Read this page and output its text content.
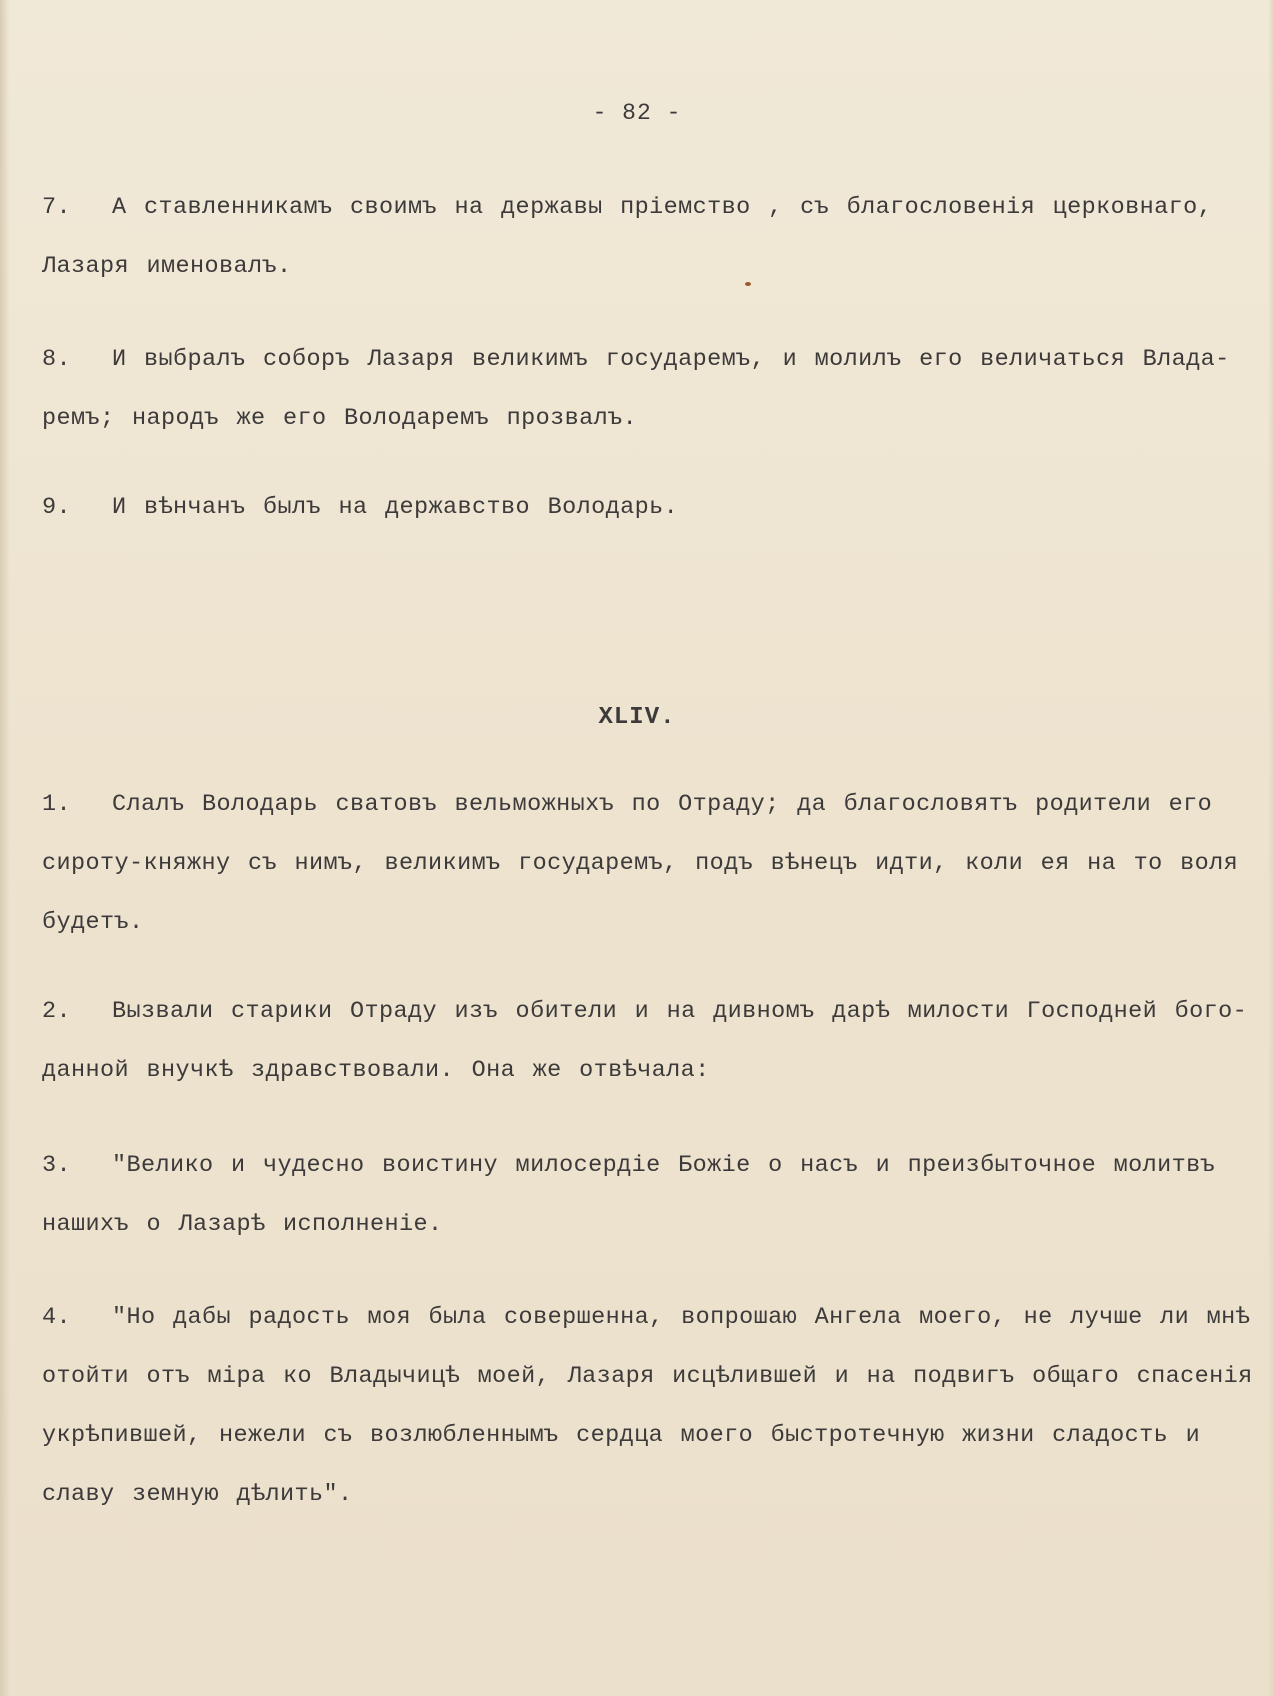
- 82 -
7. А ставленникамъ своимъ на державы пріемство , съ благословенія церковнаго,
Лазаря именовалъ.
8. И выбралъ соборъ Лазаря великимъ государемъ, и молилъ его величаться Влада-
ремъ; народъ же его Володаремъ прозвалъ.
9. И вѣнчанъ былъ на державство Володарь.
XLIV.
1. Слалъ Володарь сватовъ вельможныхъ по Отраду; да благословятъ родители его
сироту-княжну съ нимъ, великимъ государемъ, подъ вѣнецъ идти, коли ея на то воля
будетъ.
2. Вызвали старики Отраду изъ обители и на дивномъ дарѣ милости Господней бого-
данной внучкѣ здравствовали. Она же отвѣчала:
3. "Велико и чудесно воистину милосердіе Божіе о насъ и преизбыточное молитвъ
нашихъ о Лазарѣ исполненіе.
4. "Но дабы радость моя была совершенна, вопрошаю Ангела моего, не лучше ли мнѣ
отойти отъ міра ко Владычицѣ моей, Лазаря исцѣлившей и на подвигъ общаго спасенія
укрѣпившей, нежели съ возлюбленнымъ сердца моего быстротечную жизни сладость и
славу земную дѣлить".
